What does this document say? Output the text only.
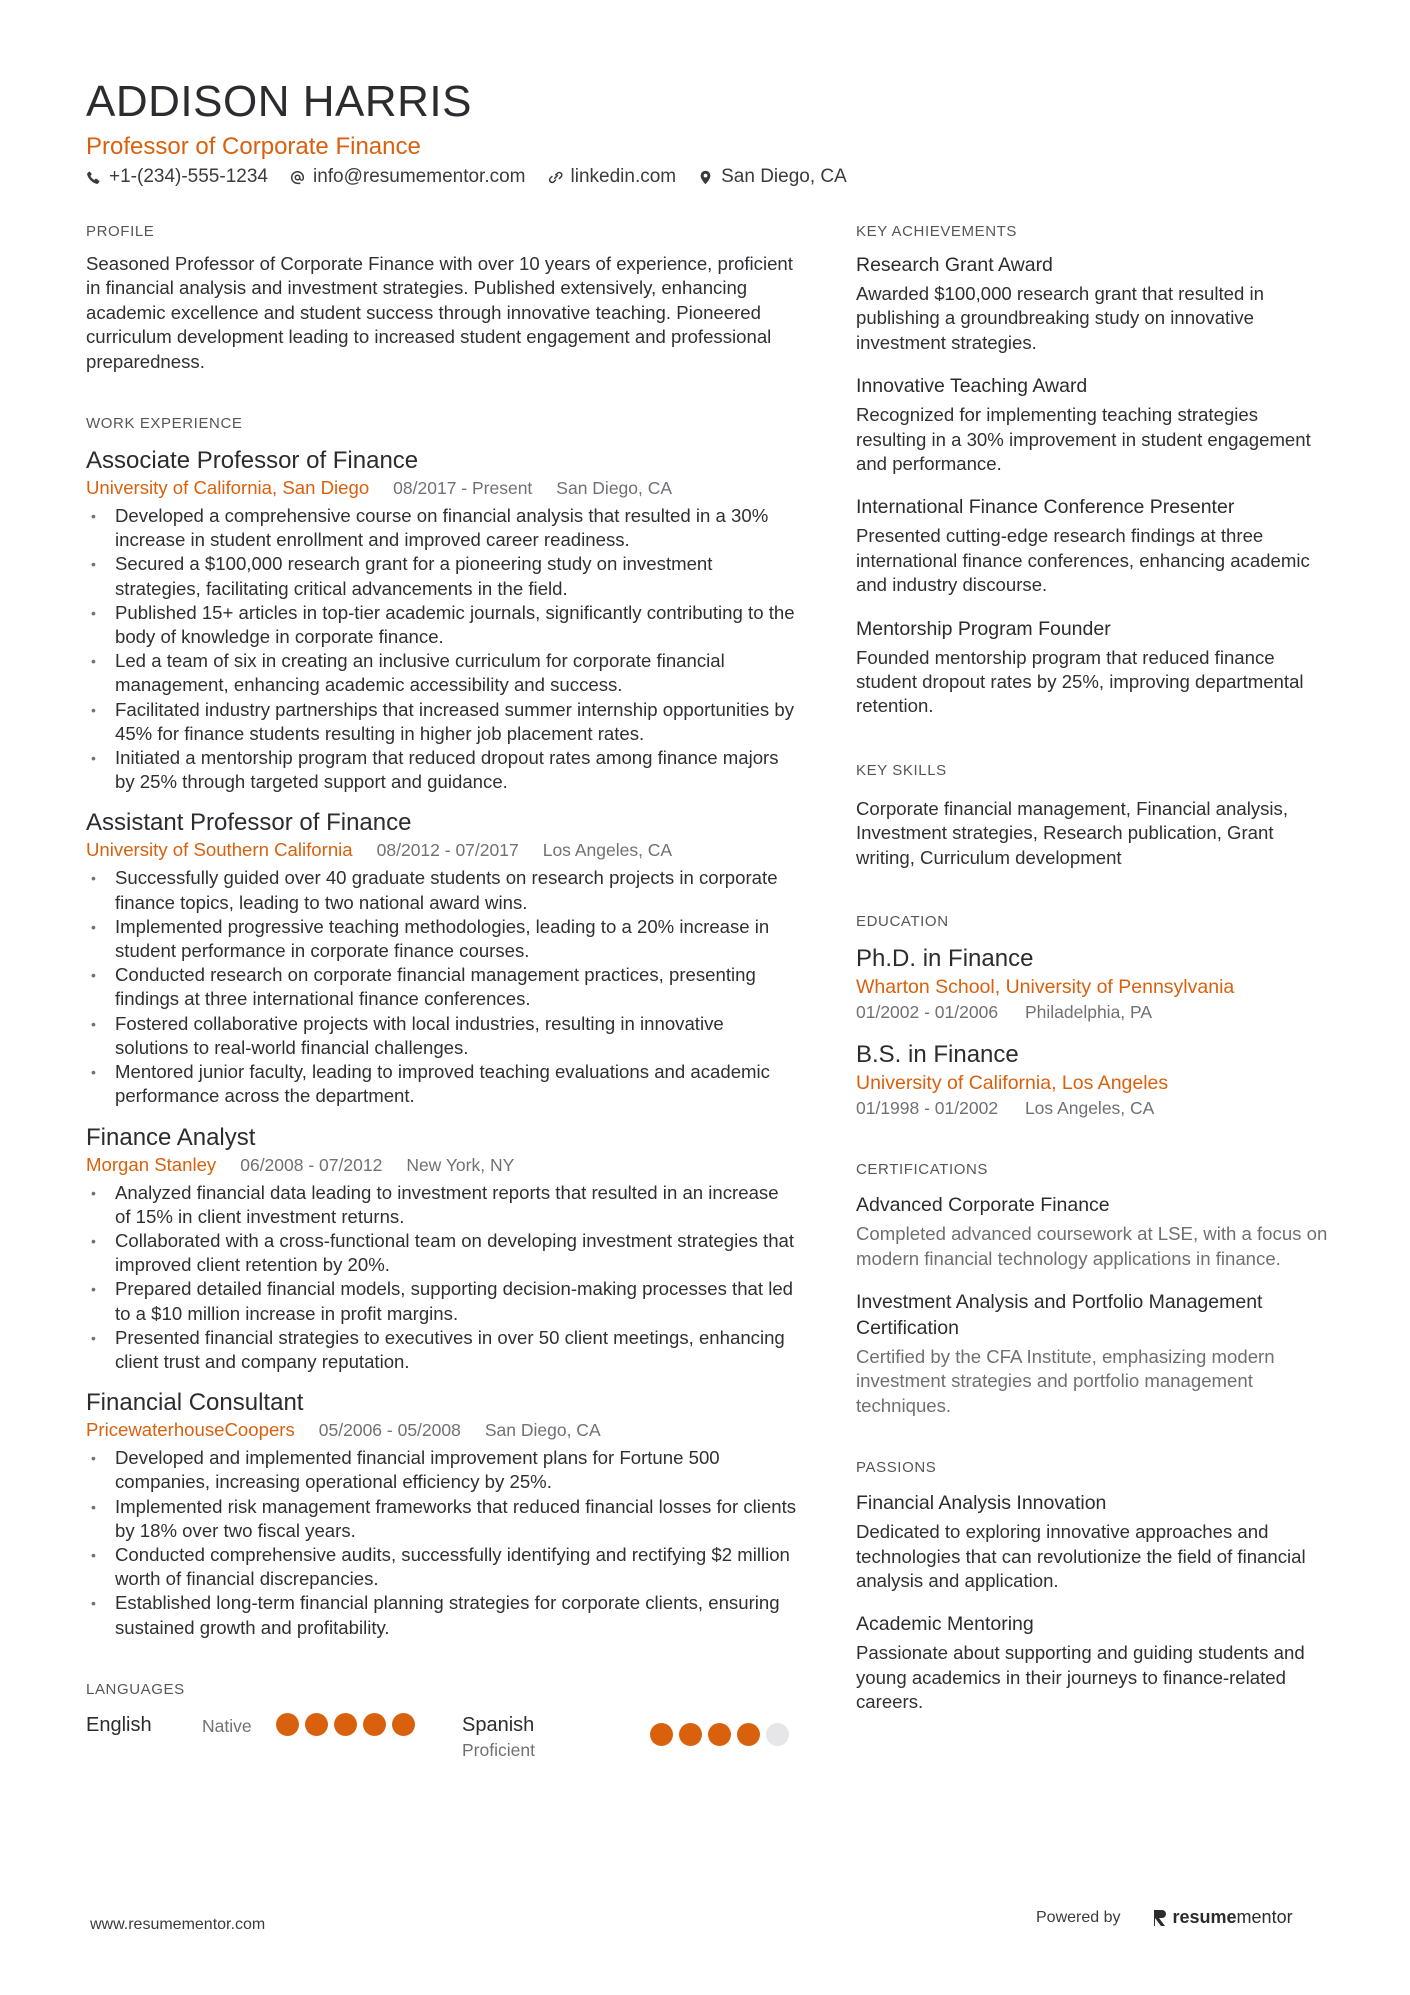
ADDISON HARRIS
Professor of Corporate Finance
+1-(234)-555-1234 info@resumementor.com linkedin.com San Diego, CA
PROFILE
Seasoned Professor of Corporate Finance with over 10 years of experience, proficient in financial analysis and investment strategies. Published extensively, enhancing academic excellence and student success through innovative teaching. Pioneered curriculum development leading to increased student engagement and professional preparedness.
WORK EXPERIENCE
Associate Professor of Finance
University of California, San Diego 08/2017 - Present San Diego, CA
• Developed a comprehensive course on financial analysis that resulted in a 30% increase in student enrollment and improved career readiness.
• Secured a $100,000 research grant for a pioneering study on investment strategies, facilitating critical advancements in the field.
• Published 15+ articles in top-tier academic journals, significantly contributing to the body of knowledge in corporate finance.
• Led a team of six in creating an inclusive curriculum for corporate financial management, enhancing academic accessibility and success.
• Facilitated industry partnerships that increased summer internship opportunities by 45% for finance students resulting in higher job placement rates.
• Initiated a mentorship program that reduced dropout rates among finance majors by 25% through targeted support and guidance.
Assistant Professor of Finance
University of Southern California 08/2012 - 07/2017 Los Angeles, CA
• Successfully guided over 40 graduate students on research projects in corporate finance topics, leading to two national award wins.
• Implemented progressive teaching methodologies, leading to a 20% increase in student performance in corporate finance courses.
• Conducted research on corporate financial management practices, presenting findings at three international finance conferences.
• Fostered collaborative projects with local industries, resulting in innovative solutions to real-world financial challenges.
• Mentored junior faculty, leading to improved teaching evaluations and academic performance across the department.
Finance Analyst
Morgan Stanley 06/2008 - 07/2012 New York, NY
• Analyzed financial data leading to investment reports that resulted in an increase of 15% in client investment returns.
• Collaborated with a cross-functional team on developing investment strategies that improved client retention by 20%.
• Prepared detailed financial models, supporting decision-making processes that led to a $10 million increase in profit margins.
• Presented financial strategies to executives in over 50 client meetings, enhancing client trust and company reputation.
Financial Consultant
PricewaterhouseCoopers 05/2006 - 05/2008 San Diego, CA
• Developed and implemented financial improvement plans for Fortune 500 companies, increasing operational efficiency by 25%.
• Implemented risk management frameworks that reduced financial losses for clients by 18% over two fiscal years.
• Conducted comprehensive audits, successfully identifying and rectifying $2 million worth of financial discrepancies.
• Established long-term financial planning strategies for corporate clients, ensuring sustained growth and profitability.
LANGUAGES
English	Native	Spanish
Proficient
KEY ACHIEVEMENTS
Research Grant Award
Awarded $100,000 research grant that resulted in publishing a groundbreaking study on innovative investment strategies.
Innovative Teaching Award
Recognized for implementing teaching strategies resulting in a 30% improvement in student engagement and performance.
International Finance Conference Presenter
Presented cutting-edge research findings at three international finance conferences, enhancing academic and industry discourse.
Mentorship Program Founder
Founded mentorship program that reduced finance student dropout rates by 25%, improving departmental retention.
KEY SKILLS
Corporate financial management, Financial analysis, Investment strategies, Research publication, Grant writing, Curriculum development
EDUCATION
Ph.D. in Finance
Wharton School, University of Pennsylvania
01/2002 - 01/2006 Philadelphia, PA
B.S. in Finance
University of California, Los Angeles
01/1998 - 01/2002 Los Angeles, CA
CERTIFICATIONS
Advanced Corporate Finance
Completed advanced coursework at LSE, with a focus on modern financial technology applications in finance.
Investment Analysis and Portfolio Management Certification
Certified by the CFA Institute, emphasizing modern investment strategies and portfolio management techniques.
PASSIONS
Financial Analysis Innovation
Dedicated to exploring innovative approaches and technologies that can revolutionize the field of financial analysis and application.
Academic Mentoring
Passionate about supporting and guiding students and young academics in their journeys to finance-related careers.
www.resumementor.com	Powered by	resume mentor
